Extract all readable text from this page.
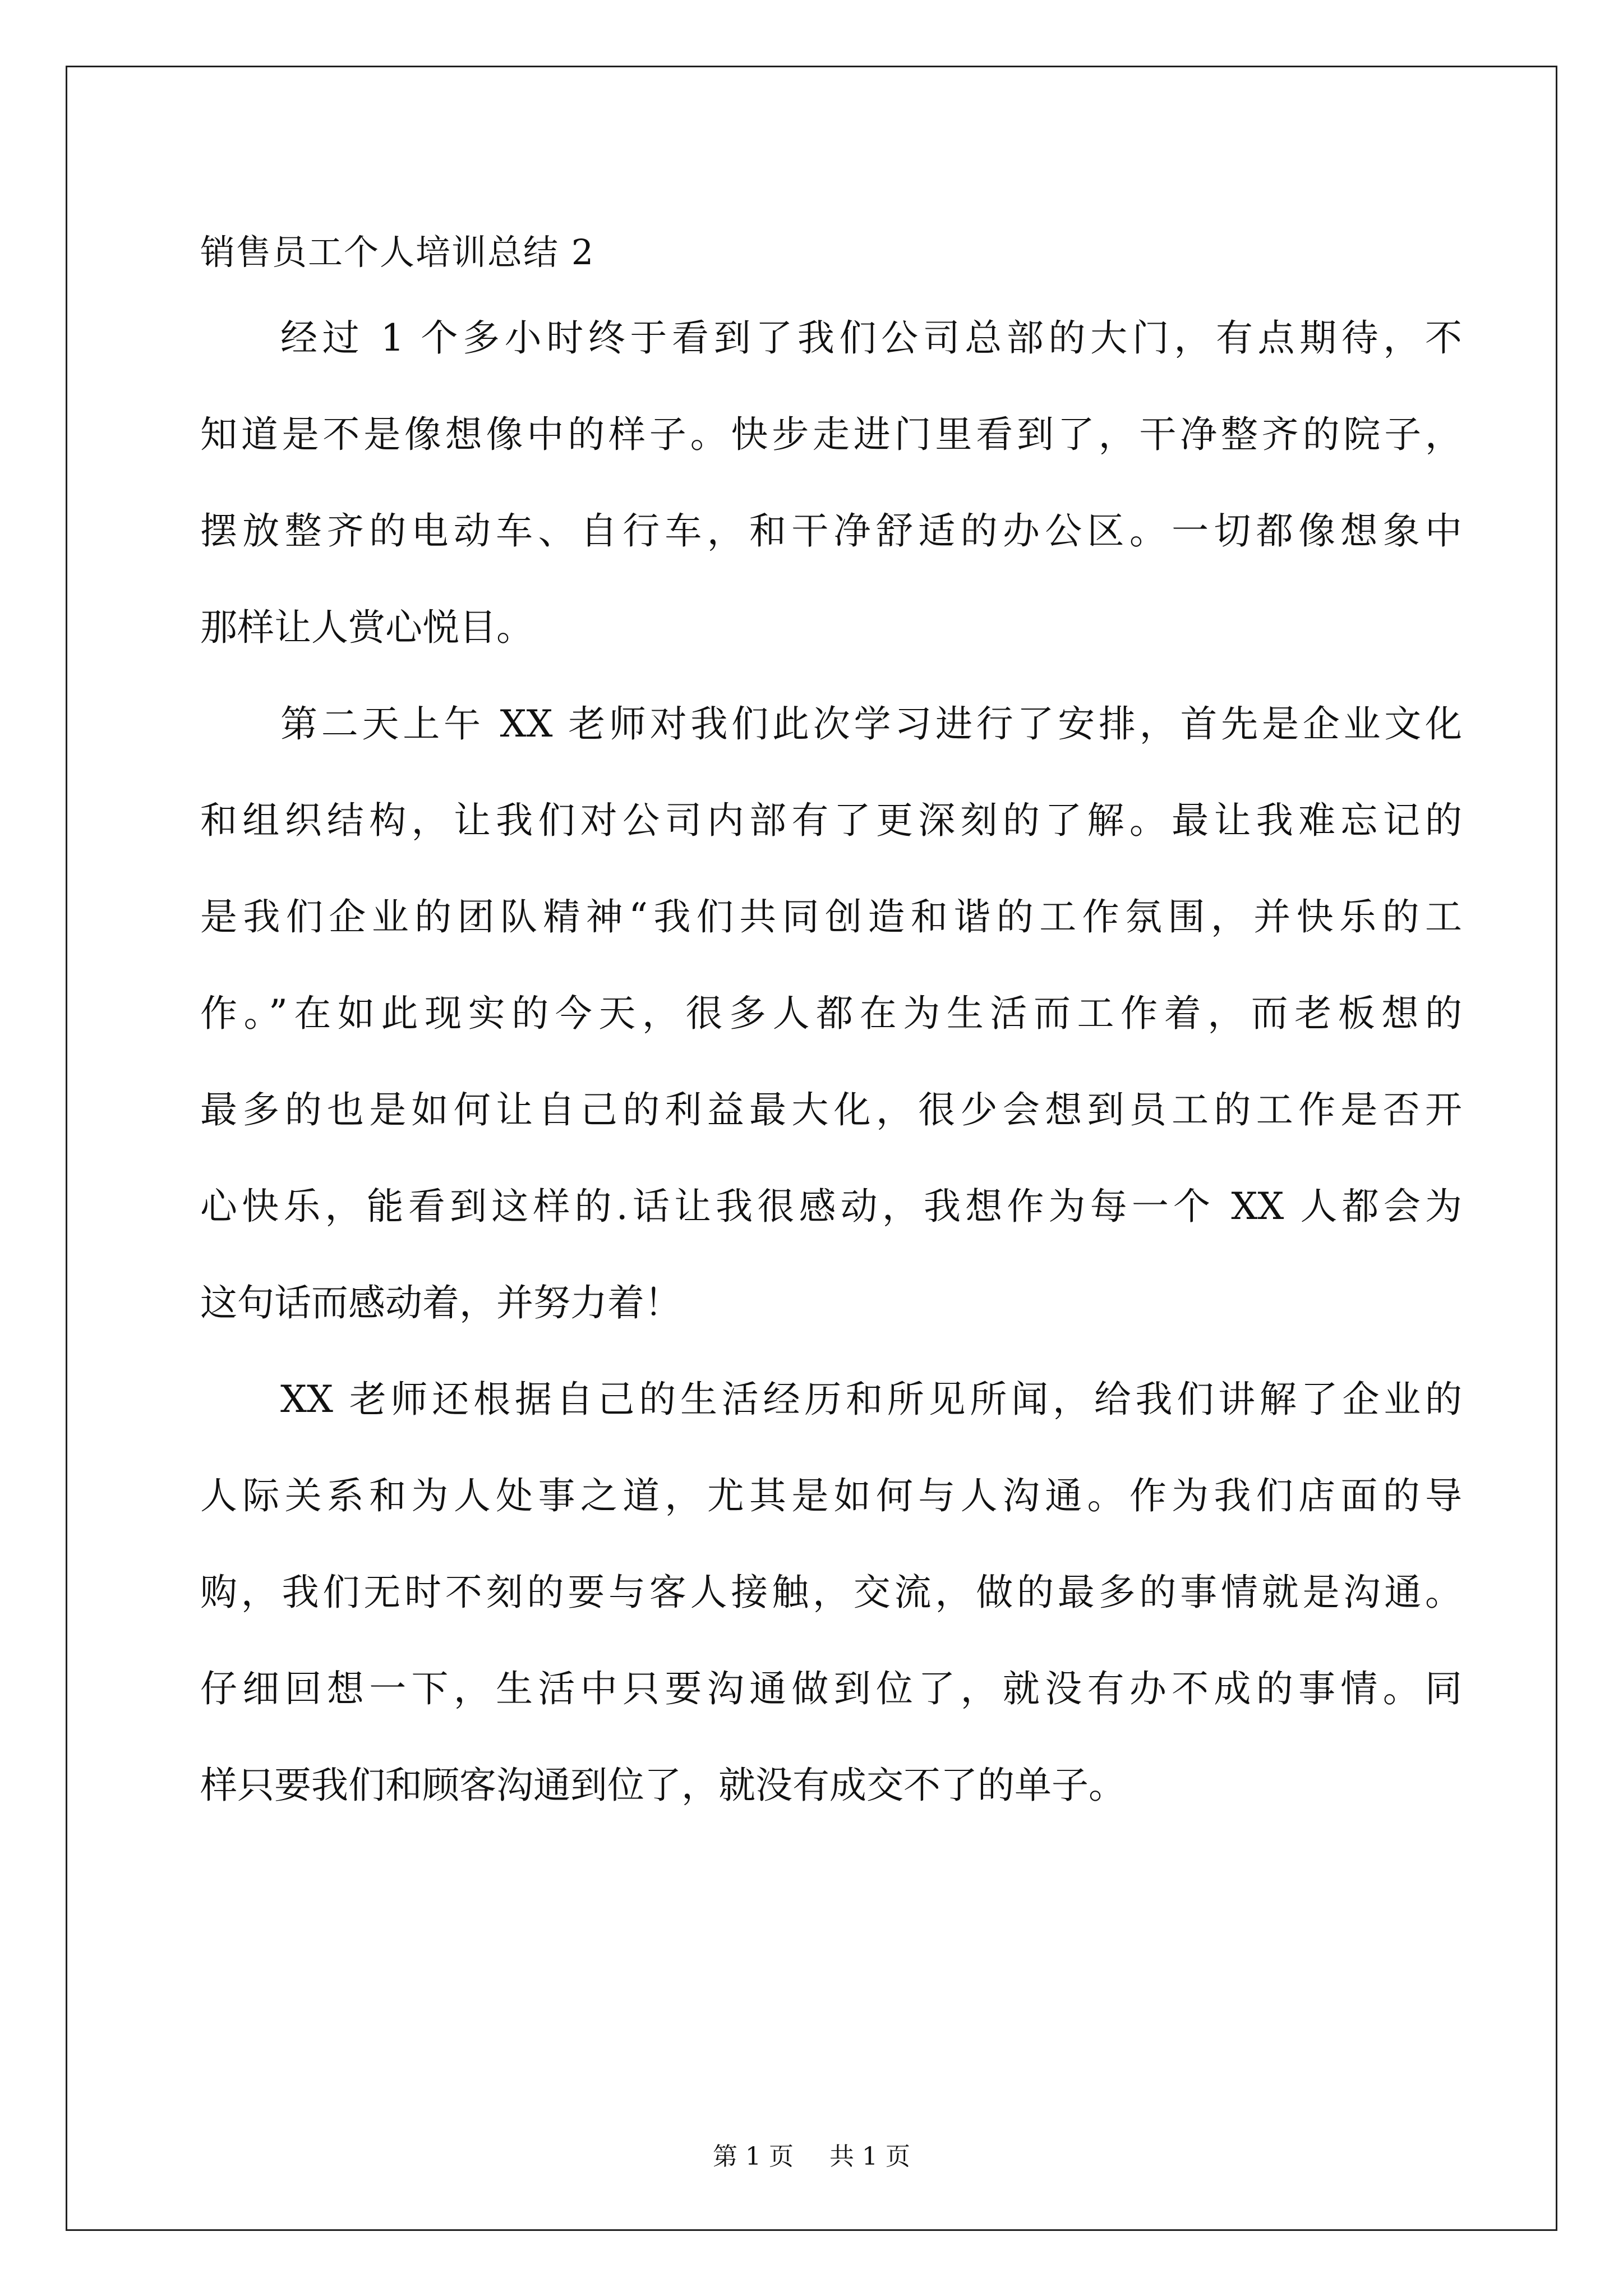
销售员工个人培训总结 2
经过 1 个多小时终于看到了我们公司总部的大门，有点期待，不
知道是不是像想像中的样子。快步走进门里看到了，干净整齐的院子，
摆放整齐的电动车、自行车，和干净舒适的办公区。一切都像想象中
那样让人赏心悦目。
第二天上午 XX 老师对我们此次学习进行了安排，首先是企业文化
和组织结构，让我们对公司内部有了更深刻的了解。最让我难忘记的
是我们企业的团队精神“我们共同创造和谐的工作氛围，并快乐的工
作。”在如此现实的今天，很多人都在为生活而工作着，而老板想的
最多的也是如何让自己的利益最大化，很少会想到员工的工作是否开
心快乐，能看到这样的.话让我很感动，我想作为每一个 XX 人都会为
这句话而感动着，并努力着！
XX 老师还根据自己的生活经历和所见所闻，给我们讲解了企业的
人际关系和为人处事之道，尤其是如何与人沟通。作为我们店面的导
购，我们无时不刻的要与客人接触，交流，做的最多的事情就是沟通。
仔细回想一下，生活中只要沟通做到位了，就没有办不成的事情。同
样只要我们和顾客沟通到位了，就没有成交不了的单子。
第 1 页 共 1 页
